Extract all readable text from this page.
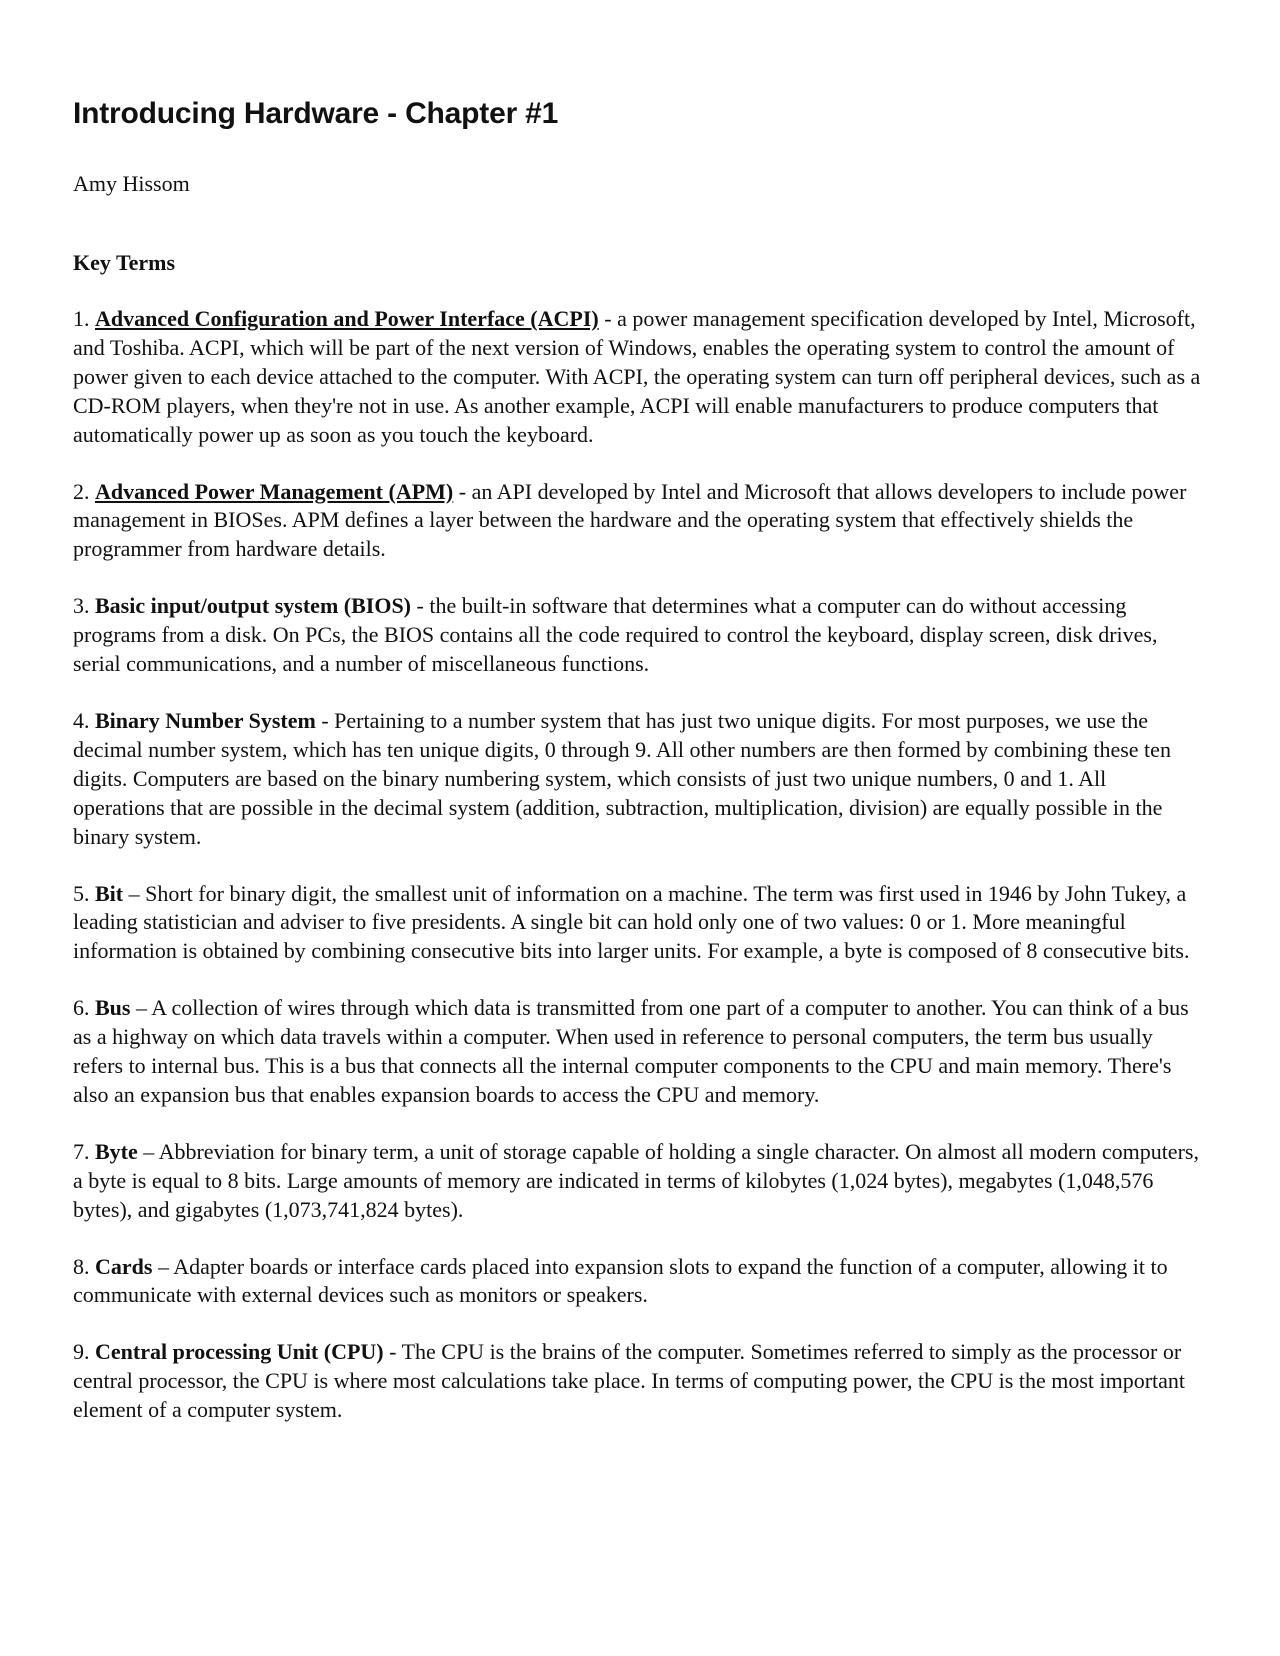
Introducing Hardware - Chapter #1

Amy Hissom

Key Terms

1. Advanced Configuration and Power Interface (ACPI) - a power management specification developed by Intel, Microsoft, and Toshiba. ACPI, which will be part of the next version of Windows, enables the operating system to control the amount of power given to each device attached to the computer. With ACPI, the operating system can turn off peripheral devices, such as a CD-ROM players, when they're not in use. As another example, ACPI will enable manufacturers to produce computers that automatically power up as soon as you touch the keyboard.
2. Advanced Power Management (APM) - an API developed by Intel and Microsoft that allows developers to include power management in BIOSes. APM defines a layer between the hardware and the operating system that effectively shields the programmer from hardware details.
3. Basic input/output system (BIOS) - the built-in software that determines what a computer can do without accessing programs from a disk. On PCs, the BIOS contains all the code required to control the keyboard, display screen, disk drives, serial communications, and a number of miscellaneous functions.
4. Binary Number System - Pertaining to a number system that has just two unique digits. For most purposes, we use the decimal number system, which has ten unique digits, 0 through 9. All other numbers are then formed by combining these ten digits. Computers are based on the binary numbering system, which consists of just two unique numbers, 0 and 1. All operations that are possible in the decimal system (addition, subtraction, multiplication, division) are equally possible in the binary system.
5. Bit – Short for binary digit, the smallest unit of information on a machine. The term was first used in 1946 by John Tukey, a leading statistician and adviser to five presidents. A single bit can hold only one of two values: 0 or 1. More meaningful information is obtained by combining consecutive bits into larger units. For example, a byte is composed of 8 consecutive bits.
6. Bus – A collection of wires through which data is transmitted from one part of a computer to another. You can think of a bus as a highway on which data travels within a computer. When used in reference to personal computers, the term bus usually refers to internal bus. This is a bus that connects all the internal computer components to the CPU and main memory. There's also an expansion bus that enables expansion boards to access the CPU and memory.
7. Byte – Abbreviation for binary term, a unit of storage capable of holding a single character. On almost all modern computers, a byte is equal to 8 bits. Large amounts of memory are indicated in terms of kilobytes (1,024 bytes), megabytes (1,048,576 bytes), and gigabytes (1,073,741,824 bytes).
8. Cards – Adapter boards or interface cards placed into expansion slots to expand the function of a computer, allowing it to communicate with external devices such as monitors or speakers.
9. Central processing Unit (CPU) - The CPU is the brains of the computer. Sometimes referred to simply as the processor or central processor, the CPU is where most calculations take place. In terms of computing power, the CPU is the most important element of a computer system.
